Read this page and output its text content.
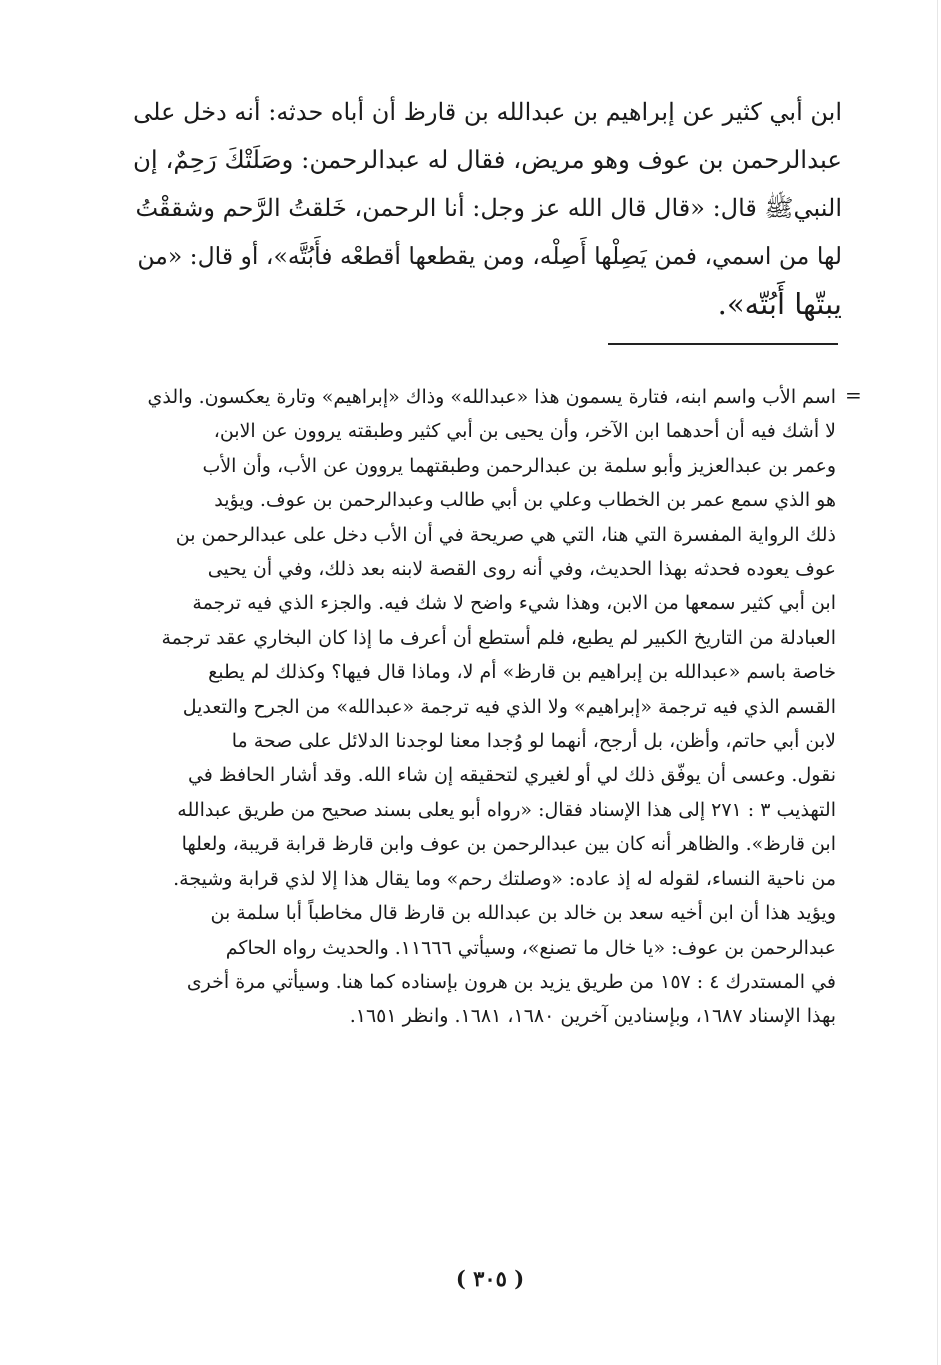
ابن أبي كثير عن إبراهيم بن عبدالله بن قارظ أن أباه حدثه: أنه دخل على
عبدالرحمن بن عوف وهو مريض، فقال له عبدالرحمن: وصَلَتْكَ رَحِمٌ، إن
النبيﷺ قال: «قال قال الله عز وجل: أنا الرحمن، خَلقتُ الرَّحم وشققْتُ
لها من اسمي، فمن يَصِلْها أَصِلْه، ومن يقطعها أقطعْه فأَبُتَّه»، أو قال: «من
يبتّها أَبُتّه».
=
اسم الأب واسم ابنه، فتارة يسمون هذا «عبدالله» وذاك «إبراهيم» وتارة يعكسون. والذي
لا أشك فيه أن أحدهما ابن الآخر، وأن يحيى بن أبي كثير وطبقته يروون عن الابن،
وعمر بن عبدالعزيز وأبو سلمة بن عبدالرحمن وطبقتهما يروون عن الأب، وأن الأب
هو الذي سمع عمر بن الخطاب وعلي بن أبي طالب وعبدالرحمن بن عوف. ويؤيد
ذلك الرواية المفسرة التي هنا، التي هي صريحة في أن الأب دخل على عبدالرحمن بن
عوف يعوده فحدثه بهذا الحديث، وفي أنه روى القصة لابنه بعد ذلك، وفي أن يحيى
ابن أبي كثير سمعها من الابن، وهذا شيء واضح لا شك فيه. والجزء الذي فيه ترجمة
العبادلة من التاريخ الكبير لم يطبع، فلم أستطع أن أعرف ما إذا كان البخاري عقد ترجمة
خاصة باسم «عبدالله بن إبراهيم بن قارظ» أم لا، وماذا قال فيها؟ وكذلك لم يطبع
القسم الذي فيه ترجمة «إبراهيم» ولا الذي فيه ترجمة «عبدالله» من الجرح والتعديل
لابن أبي حاتم، وأظن، بل أرجح، أنهما لو وُجدا معنا لوجدنا الدلائل على صحة ما
نقول. وعسى أن يوفّق ذلك لي أو لغيري لتحقيقه إن شاء الله. وقد أشار الحافظ في
التهذيب ٣ : ٢٧١ إلى هذا الإسناد فقال: «رواه أبو يعلى بسند صحيح من طريق عبدالله
ابن قارظ». والظاهر أنه كان بين عبدالرحمن بن عوف وابن قارظ قرابة قريبة، ولعلها
من ناحية النساء، لقوله له إذ عاده: «وصلتك رحم» وما يقال هذا إلا لذي قرابة وشيجة.
ويؤيد هذا أن ابن أخيه سعد بن خالد بن عبدالله بن قارظ قال مخاطباً أبا سلمة بن
عبدالرحمن بن عوف: «يا خال ما تصنع»، وسيأتي ١١٦٦٦. والحديث رواه الحاكم
في المستدرك ٤ : ١٥٧ من طريق يزيد بن هرون بإسناده كما هنا. وسيأتي مرة أخرى
بهذا الإسناد ١٦٨٧، وبإسنادين آخرين ١٦٨٠، ١٦٨١. وانظر ١٦٥١.
( ٣٠٥ )
